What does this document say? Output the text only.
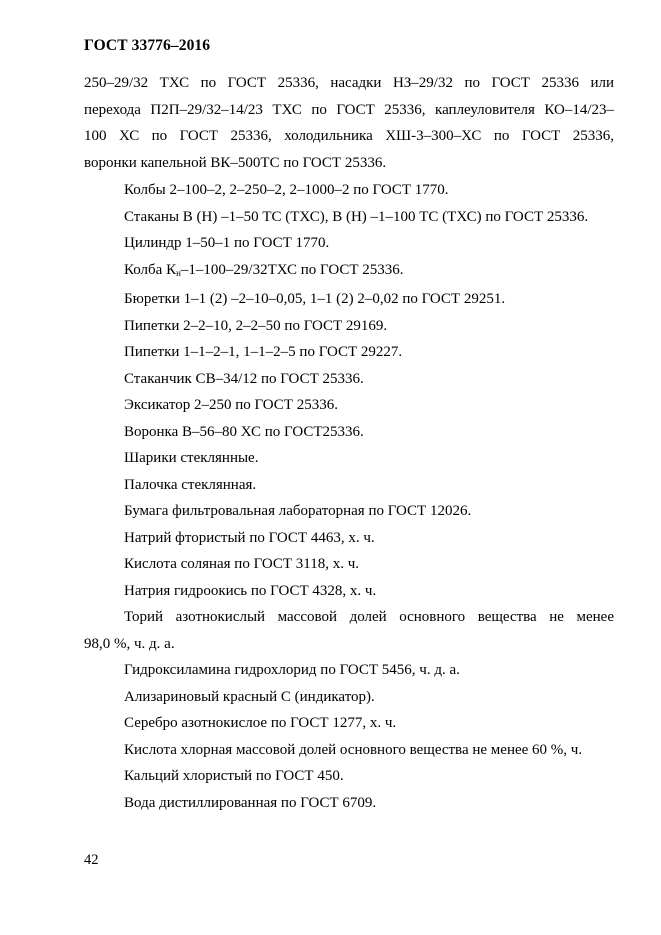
ГОСТ 33776–2016
250–29/32 ТХС по ГОСТ 25336, насадки НЗ–29/32 по ГОСТ 25336 или
перехода П2П–29/32–14/23 ТХС по ГОСТ 25336, каплеуловителя КО–14/23–
100 ХС по ГОСТ 25336, холодильника ХШ-3–300–ХС по ГОСТ 25336,
воронки капельной ВК–500ТС по ГОСТ 25336.
Колбы 2–100–2, 2–250–2, 2–1000–2 по ГОСТ 1770.
Стаканы В (Н) –1–50 ТС (ТХС), В (Н) –1–100 ТС (ТХС) по ГОСТ 25336.
Цилиндр 1–50–1 по ГОСТ 1770.
Колба $К_н-1-100-29/32ТХС$ по ГОСТ 25336.
Бюретки 1–1 (2) –2–10–0,05, 1–1 (2) 2–0,02 по ГОСТ 29251.
Пипетки 2–2–10, 2–2–50 по ГОСТ 29169.
Пипетки 1–1–2–1, 1–1–2–5 по ГОСТ 29227.
Стаканчик СВ–34/12 по ГОСТ 25336.
Эксикатор 2–250 по ГОСТ 25336.
Воронка В–56–80 ХС по ГОСТ25336.
Шарики стеклянные.
Палочка стеклянная.
Бумага фильтровальная лабораторная по ГОСТ 12026.
Натрий фтористый по ГОСТ 4463, х. ч.
Кислота соляная по ГОСТ 3118, х. ч.
Натрия гидроокись по ГОСТ 4328, х. ч.
Торий азотнокислый массовой долей основного вещества не менее
98,0 %, ч. д. а.
Гидроксиламина гидрохлорид по ГОСТ 5456, ч. д. а.
Ализариновый красный С (индикатор).
Серебро азотнокислое по ГОСТ 1277, х. ч.
Кислота хлорная массовой долей основного вещества не менее 60 %, ч.
Кальций хлористый по ГОСТ 450.
Вода дистиллированная по ГОСТ 6709.
42
